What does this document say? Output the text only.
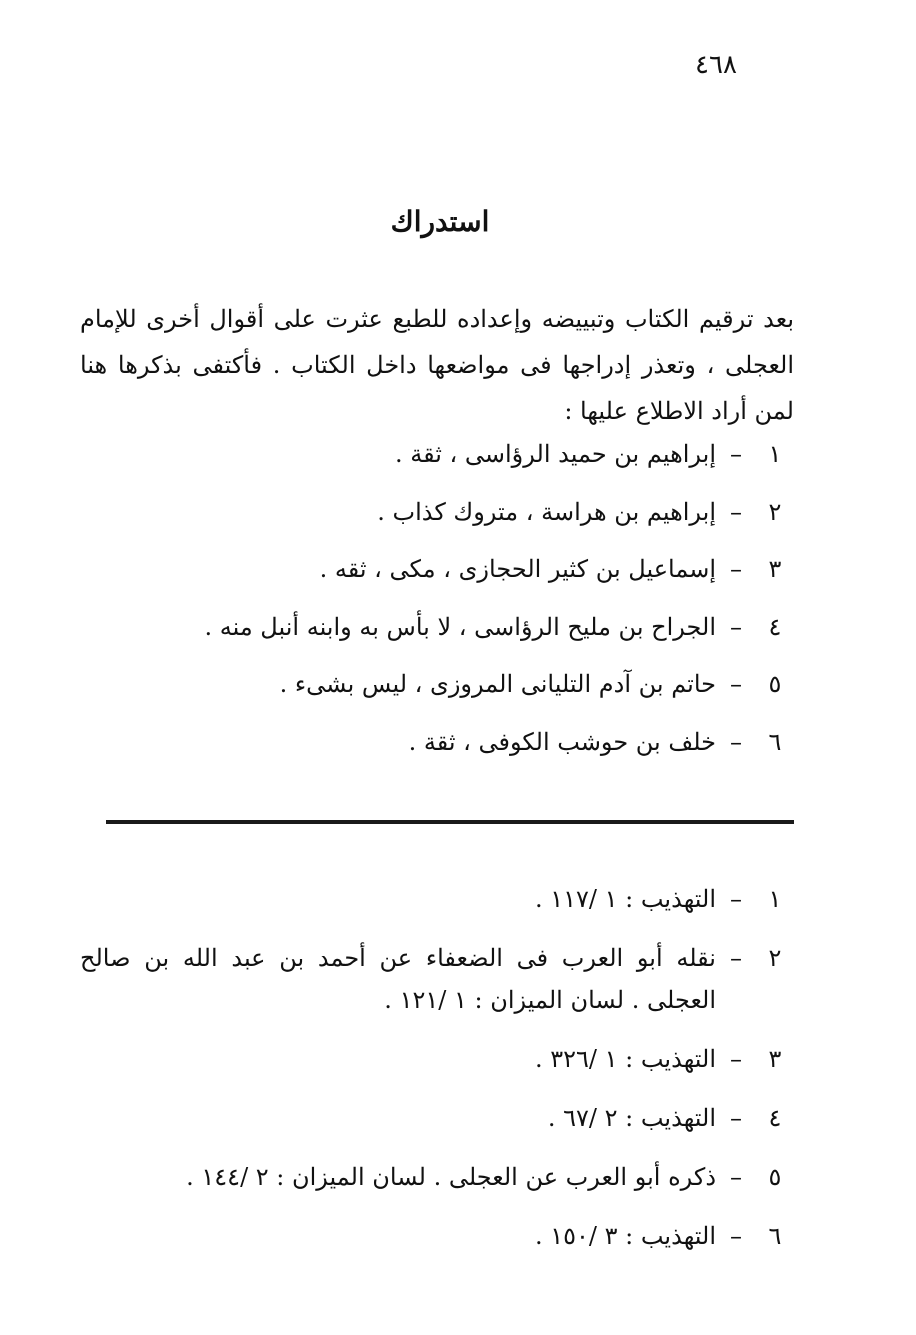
٤٦٨
استدراك

بعد ترقيم الكتاب وتبييضه وإعداده للطبع عثرت على أقوال أخرى للإمام العجلى ، وتعذر إدراجها فى مواضعها داخل الكتاب . فأكتفى بذكرها هنا لمن أراد الاطلاع عليها :

١
–
إبراهيم بن حميد الرؤاسى ، ثقة .
٢
–
إبراهيم بن هراسة ، متروك كذاب .
٣
–
إسماعيل بن كثير الحجازى ، مكى ، ثقه .
٤
–
الجراح بن مليح الرؤاسى ، لا بأس به وابنه أنبل منه .
٥
–
حاتم بن آدم التليانى المروزى ، ليس بشىء .
٦
–
خلف بن حوشب الكوفى ، ثقة .
١
–
التهذيب : ١ /١١٧ .
٢
–
نقله أبو العرب فى الضعفاء عن أحمد بن عبد الله بن صالح العجلى . لسان الميزان : ١ /١٢١ .
٣
–
التهذيب : ١ /٣٢٦ .
٤
–
التهذيب : ٢ /٦٧ .
٥
–
ذكره أبو العرب عن العجلى . لسان الميزان : ٢ /١٤٤ .
٦
–
التهذيب : ٣ /١٥٠ .
